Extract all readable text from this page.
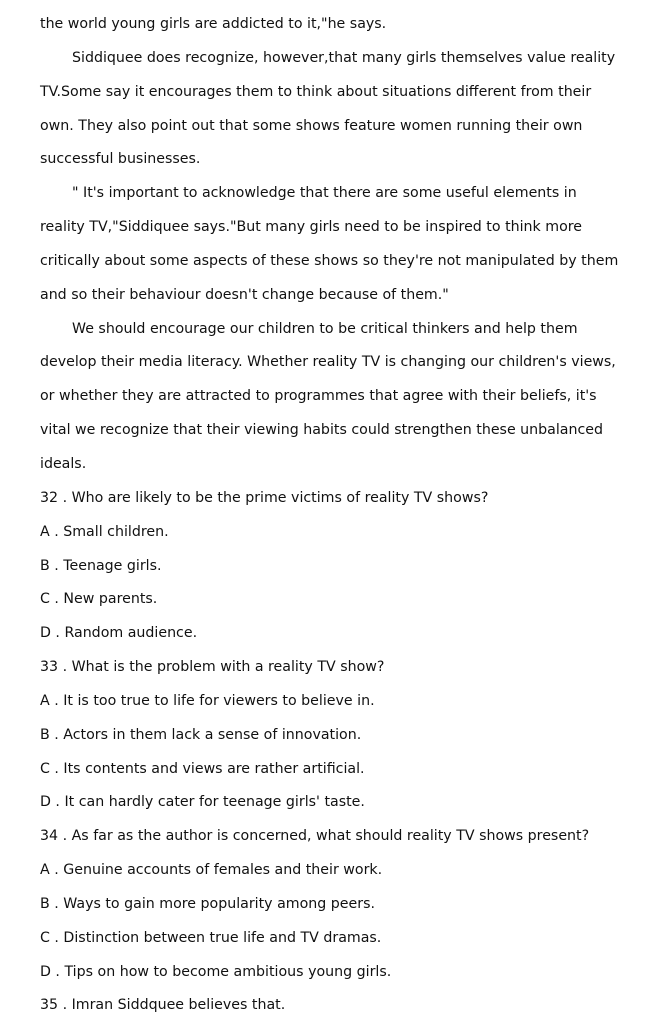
the world young girls are addicted to it,"he says.

Siddiquee does recognize, however,that many girls themselves value reality

TV.Some say it encourages them to think about situations different from their

own. They also point out that some shows feature women running their own

successful businesses.

" It's important to acknowledge that there are some useful elements in

reality TV,"Siddiquee says."But many girls need to be inspired to think more

critically about some aspects of these shows so they're not manipulated by them

and so their behaviour doesn't change because of them."

We should encourage our children to be critical thinkers and help them

develop their media literacy. Whether reality TV is changing our children's views,

or whether they are attracted to programmes that agree with their beliefs, it's

vital we recognize that their viewing habits could strengthen these unbalanced

ideals.

32 . Who are likely to be the prime victims of reality TV shows?

A . Small children.

B . Teenage girls.

C . New parents.

D . Random audience.

33 . What is the problem with a reality TV show?

A . It is too true to life for viewers to believe in.

B . Actors in them lack a sense of innovation.

C . Its contents and views are rather artificial.

D . It can hardly cater for teenage girls' taste.

34 . As far as the author is concerned, what should reality TV shows present?

A . Genuine accounts of females and their work.

B . Ways to gain more popularity among peers.

C . Distinction between true life and TV dramas.

D . Tips on how to become ambitious young girls.

35 . Imran Siddquee believes that.
